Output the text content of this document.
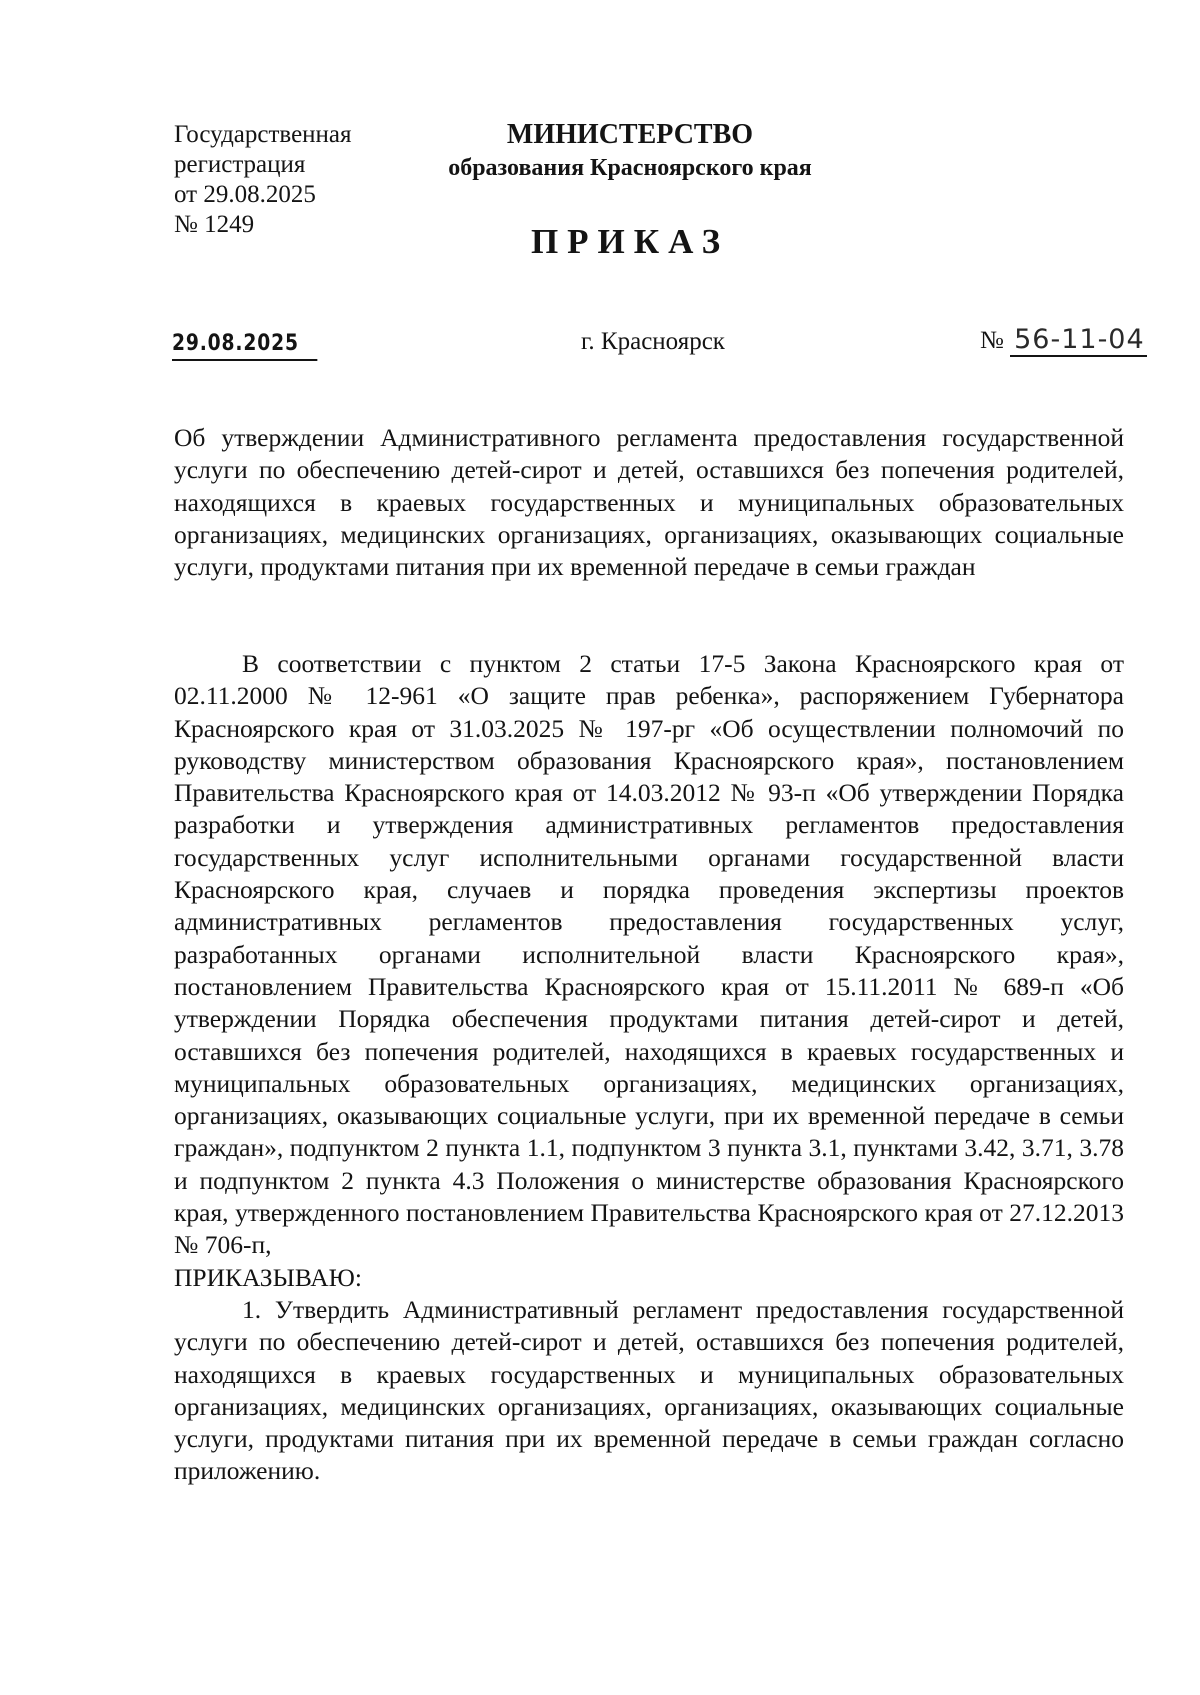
Государственная
регистрация
от 29.08.2025
№ 1249
МИНИСТЕРСТВО
образования Красноярского края
ПРИКАЗ
29.08.2025	г. Красноярск	№ 56-11-04
Об утверждении Административного регламента предоставления государственной услуги по обеспечению детей-сирот и детей, оставшихся без попечения родителей, находящихся в краевых государственных и муниципальных образовательных организациях, медицинских организациях, организациях, оказывающих социальные услуги, продуктами питания при их временной передаче в семьи граждан

В соответствии с пунктом 2 статьи 17-5 Закона Красноярского края от 02.11.2000 № 12-961 «О защите прав ребенка», распоряжением Губернатора Красноярского края от 31.03.2025 № 197-рг «Об осуществлении полномочий по руководству министерством образования Красноярского края», постановлением Правительства Красноярского края от 14.03.2012 № 93-п «Об утверждении Порядка разработки и утверждения административных регламентов предоставления государственных услуг исполнительными органами государственной власти Красноярского края, случаев и порядка проведения экспертизы проектов административных регламентов предоставления государственных услуг, разработанных органами исполнительной власти Красноярского края», постановлением Правительства Красноярского края от 15.11.2011 № 689-п «Об утверждении Порядка обеспечения продуктами питания детей-сирот и детей, оставшихся без попечения родителей, находящихся в краевых государственных и муниципальных образовательных организациях, медицинских организациях, организациях, оказывающих социальные услуги, при их временной передаче в семьи граждан», подпунктом 2 пункта 1.1, подпунктом 3 пункта 3.1, пунктами 3.42, 3.71, 3.78 и подпунктом 2 пункта 4.3 Положения о министерстве образования Красноярского края, утвержденного постановлением Правительства Красноярского края от 27.12.2013 № 706-п,

ПРИКАЗЫВАЮ:

1. Утвердить Административный регламент предоставления государственной услуги по обеспечению детей-сирот и детей, оставшихся без попечения родителей, находящихся в краевых государственных и муниципальных образовательных организациях, медицинских организациях, организациях, оказывающих социальные услуги, продуктами питания при их временной передаче в семьи граждан согласно приложению.
